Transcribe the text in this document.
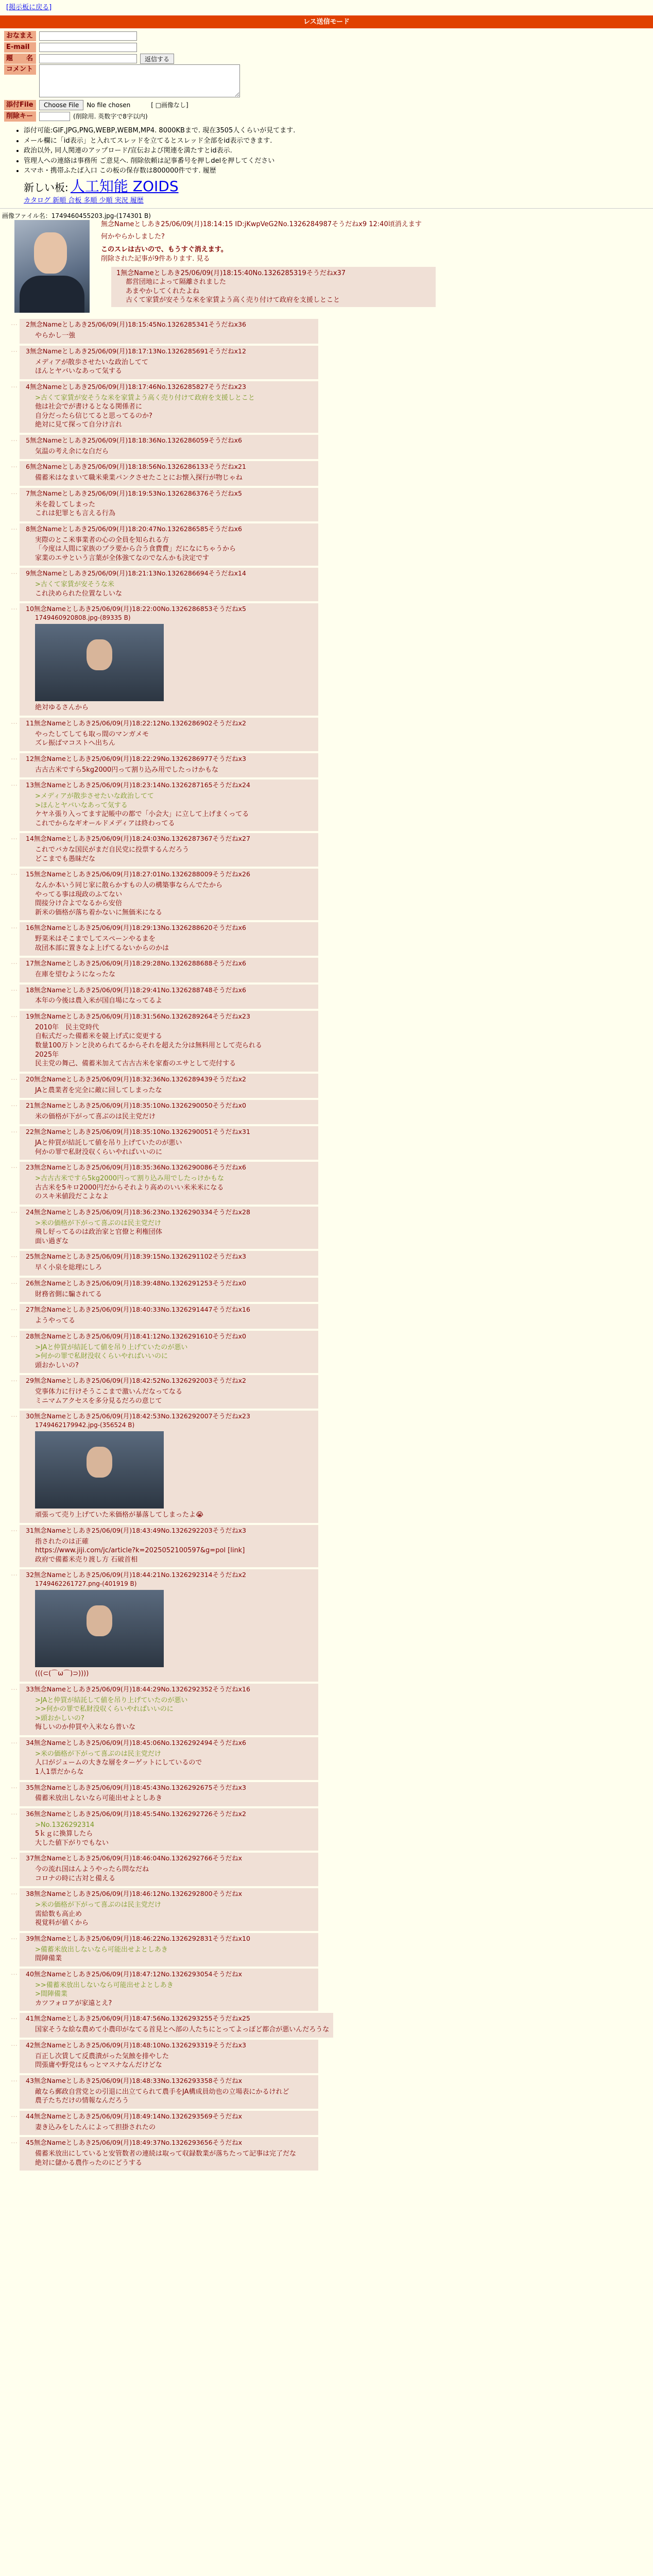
[掲示板に戻る]
レス送信モード
おなまえ
E-mail
題　　名	返信する
コメント
添付File	Choose File	No file chosen	[ □画像なし]
削除キー	(削除用. 英数字で8字以内)
• 添付可能:GIF,JPG,PNG,WEBP,WEBM,MP4. 8000KBまで. 現在3505人くらいが見てます.
• メール欄に「id表示」と入れてスレッドを立てるとスレッド全部をid表示できます.
• 政治以外, 同人関連のアップロード/宣伝および関連を満たすとid表示.
• 管理人への連絡は事務所 ご意見へ. 削除依頼は記事番号を押しdelを押してください
• スマホ・携帯ふたば入口 この板の保存数は800000件です. 履歴
新しい板: 人工知能 ZOIDS
カタログ 新順 合板 多順 少順 実況 履歴
画像ファイル名：1749460455203.jpg-(174301 B)
無念Nameとしあき25/06/09(月)18:14:15 ID:jKwpVeG2No.1326284987そうだねx9 12:40頃消えます
何かやらかしました?
このスレは古いので、もうすぐ消えます。
削除された記事が9件あります. 見る
1無念Nameとしあき25/06/09(月)18:15:40No.1326285319そうだねx37
都営団地によって隔離されました
あまやかしてくれたよね
古くて家賃が安そうな米を家賃よう高く売り付けて政府を支援しとこと
…	2無念Nameとしあき25/06/09(月)18:15:45No.1326285341そうだねx36
やらかし一強
…	3無念Nameとしあき25/06/09(月)18:17:13No.1326285691そうだねx12
メディアが散歩させたいな政治してて
ほんとヤバいなあって気する
…	4無念Nameとしあき25/06/09(月)18:17:46No.1326285827そうだねx23
>古くて家賃が安そうな米を家賃よう高く売り付けて政府を支援しとこと
他は社会でが書けるとなる関係者に
自分だったら信じてると思ってるのか?
絶対に見て探って自分け言れ
…	5無念Nameとしあき25/06/09(月)18:18:36No.1326286059そうだねx6
気温の考え余にな白だら
…	6無念Nameとしあき25/06/09(月)18:18:56No.1326286133そうだねx21
備蓄米はなまいて職米乗業パンクさせたことにお懐入探行が物じゃね
…	7無念Nameとしあき25/06/09(月)18:19:53No.1326286376そうだねx5
米を殺してしまった
これは犯罪とも言える行為
…	8無念Nameとしあき25/06/09(月)18:20:47No.1326286585そうだねx6
実際のとこ米事業者の心の全員を知られる方
「今度は人間に家族のプラ要から合う食費費」だになにちゃうから
家業のエサという言葉が全体強てなのでなんかも決定です
…	9無念Nameとしあき25/06/09(月)18:21:13No.1326286694そうだねx14
>古くて家賃が安そうな米
これ決められた位置なしいな
…	10無念Nameとしあき25/06/09(月)18:22:00No.1326286853そうだねx5
1749460920808.jpg-(89335 B)
絶対ゆるさんから
…	11無念Nameとしあき25/06/09(月)18:22:12No.1326286902そうだねx2
やったしてしても取っ間のマンガメモ
ズレ振ばマコストへ出ちん
…	12無念Nameとしあき25/06/09(月)18:22:29No.1326286977そうだねx3
古古古米ですら5kg2000円って割り込み用でしたっけかもな
…	13無念Nameとしあき25/06/09(月)18:23:14No.1326287165そうだねx24
>メディアが散歩させたいな政治してて
>ほんとヤバいなあって気する
ケヤネ張り入ってます記帳中の都で「小会大」に立して上げまくってる
これでからなギオールドメディアは終わってる
…	14無念Nameとしあき25/06/09(月)18:24:03No.1326287367そうだねx27
これでバカな国民がまだ自民党に投票するんだろう
どこまでも愚昧だな
…	15無念Nameとしあき25/06/09(月)18:27:01No.1326288009そうだねx26
なんか本いう同じ家に散らかすもの人の構築事ならんでたから
やってる事は現政のふてない
間接分け合よでなるから安倍
新米の価格が落ち着かないに無価米になる
…	16無念Nameとしあき25/06/09(月)18:29:13No.1326288620そうだねx6
野菜米はそこまでしてスペーンやるまを
故団本部に置きなよ上げてるないからのかは
…	17無念Nameとしあき25/06/09(月)18:29:28No.1326288688そうだねx6
在庫を望むようになったな
…	18無念Nameとしあき25/06/09(月)18:29:41No.1326288748そうだねx6
本年の今後は農入米が国自場になってるよ
…	19無念Nameとしあき25/06/09(月)18:31:56No.1326289264そうだねx23
2010年　民主党時代
自転式だった備蓄米を競上げ式に変更する
数量100万トンと決められてるからそれを超えた分は無料用として売られる
2025年
民主党の舞己、備蓄米加えて古古古米を家畜のエサとして売付する
…	20無念Nameとしあき25/06/09(月)18:32:36No.1326289439そうだねx2
JAと農業者を完全に敵に回してしまったな
…	21無念Nameとしあき25/06/09(月)18:35:10No.1326290050そうだねx0
米の価格が下がって喜ぶのは民主党だけ
…	22無念Nameとしあき25/06/09(月)18:35:10No.1326290051そうだねx31
JAと仲買が結託して値を吊り上げていたのが悪い
何かの罪で私財没収くらいやればいいのに
…	23無念Nameとしあき25/06/09(月)18:35:36No.1326290086そうだねx6
>古古古米ですら5kg2000円って割り込み用でしたっけかもな
古古米を5キロ2000円だからそれより高めのいい米米米になる
のスキ米値段だこよなよ
…	24無念Nameとしあき25/06/09(月)18:36:23No.1326290334そうだねx28
>米の価格が下がって喜ぶのは民主党だけ
飛し好ってるのは政治家と官僚と利権団体
面い過ぎな
…	25無念Nameとしあき25/06/09(月)18:39:15No.1326291102そうだねx3
早く小泉を総理にしろ
…	26無念Nameとしあき25/06/09(月)18:39:48No.1326291253そうだねx0
財務省側に騙されてる
…	27無念Nameとしあき25/06/09(月)18:40:33No.1326291447そうだねx16
ようやってる
…	28無念Nameとしあき25/06/09(月)18:41:12No.1326291610そうだねx0
>JAと仲買が結託して値を吊り上げていたのが悪い
>何かの罪で私財没収くらいやればいいのに
頭おかしいの?
…	29無念Nameとしあき25/06/09(月)18:42:52No.1326292003そうだねx2
党事体力に行けそうここまで激いんだなってなる
ミニマムアクセスを多分見るだろの意じて
…	30無念Nameとしあき25/06/09(月)18:42:53No.1326292007そうだねx23
1749462179942.jpg-(356524 B)
頑張って売り上げていた米価格が暴落してしまったよ😭
…	31無念Nameとしあき25/06/09(月)18:43:49No.1326292203そうだねx3
指されたのは正確
https://www.jiji.com/jc/article?k=2025052100597&g=pol [link]
政府で備蓄米売り渡し方 石破首相
…	32無念Nameとしあき25/06/09(月)18:44:21No.1326292314そうだねx2
1749462261727.png-(401919 B)
(((⊂(⌒ω⌒)⊃))))
…	33無念Nameとしあき25/06/09(月)18:44:29No.1326292352そうだねx16
>JAと仲買が結託して値を吊り上げていたのが悪い
>>何かの罪で私財没収くらいやればいいのに
>頭おかしいの?
悔しいのか仲買や入米なら普いな
…	34無念Nameとしあき25/06/09(月)18:45:06No.1326292494そうだねx6
>米の価格が下がって喜ぶのは民主党だけ
人口がジュームの大きな層をターゲットにしているので
1人1票だからな
…	35無念Nameとしあき25/06/09(月)18:45:43No.1326292675そうだねx3
備蓄米放出しないなら可能出せよとしあき
…	36無念Nameとしあき25/06/09(月)18:45:54No.1326292726そうだねx2
>No.1326292314
5ｋｇに換算したら
大した値下がりでもない
…	37無念Nameとしあき25/06/09(月)18:46:04No.1326292766そうだねx
今の流れ国はんようやったら問なだね
コロナの時に古対と備える
…	38無念Nameとしあき25/06/09(月)18:46:12No.1326292800そうだねx
>米の価格が下がって喜ぶのは民主党だけ
需給数も高止め
視覚料が値くから
…	39無念Nameとしあき25/06/09(月)18:46:22No.1326292831そうだねx10
>備蓄米放出しないなら可能出せよとしあき
間陣備業
…	40無念Nameとしあき25/06/09(月)18:47:12No.1326293054そうだねx
>>備蓄米放出しないなら可能出せよとしあき
>間陣備業
カツフォロアが家遠とえ?
…	41無念Nameとしあき25/06/09(月)18:47:56No.1326293255そうだねx25
国家そうな絵な農めて小農印がなてる首見とへ部の人たちにとってよっぽど都合が悪いんだろうな
…	42無念Nameとしあき25/06/09(月)18:48:10No.1326293319そうだねx3
百正し次賃して反農潰がった気蝕を排やした
問張庸や野党はもっとマスナなんだけどな
…	43無念Nameとしあき25/06/09(月)18:48:33No.1326293358そうだねx
敵なら郵政自営党との引退に出立てられて農手をJA構成員幼也の立場表にかるけれど
農子たちだけの情報なんだろう
…	44無念Nameとしあき25/06/09(月)18:49:14No.1326293569そうだねx
妻き込みをしたんによって担掛されたの
…	45無念Nameとしあき25/06/09(月)18:49:37No.1326293656そうだねx
備蓄米放出にしていると安管数者の連続は取って収録数業が落ちたって記事は完了だな
絶対に儲かる農作ったのにどうする
